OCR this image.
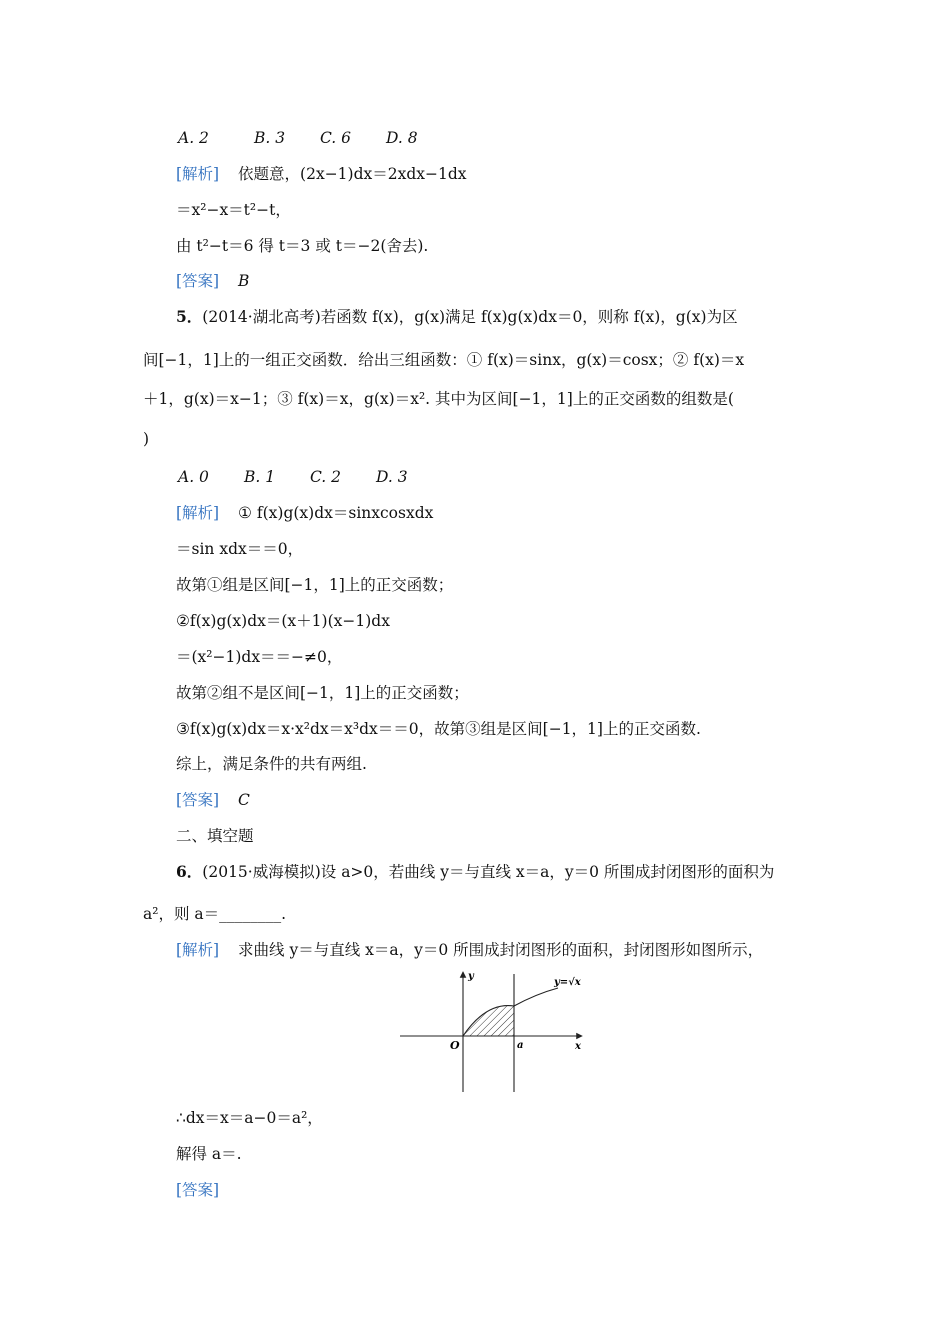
A. 2	B. 3 C. 6 D. 8
[解析] 依题意，(2x−1)dx＝2xdx−1dx
＝x²−x＝t²−t，
由 t²−t＝6 得 t＝3 或 t＝−2(舍去).
[答案] B
5．(2014·湖北高考)若函数 f(x)，g(x)满足 f(x)g(x)dx＝0，则称 f(x)，g(x)为区
间[−1，1]上的一组正交函数．给出三组函数：① f(x)＝sinx，g(x)＝cosx；② f(x)＝x
＋1，g(x)＝x−1；③ f(x)＝x，g(x)＝x². 其中为区间[−1，1]上的正交函数的组数是(
)
A. 0 B. 1 C. 2 D. 3
[解析] ① f(x)g(x)dx＝sinxcosxdx
＝sin xdx＝＝0，
故第①组是区间[−1，1]上的正交函数；
②f(x)g(x)dx＝(x＋1)(x−1)dx
＝(x²−1)dx＝＝−≠0，
故第②组不是区间[−1，1]上的正交函数；
③f(x)g(x)dx＝x·x²dx＝x³dx＝＝0，故第③组是区间[−1，1]上的正交函数.
综上，满足条件的共有两组.
[答案] C
二、填空题
6．(2015·威海模拟)设 a>0，若曲线 y＝与直线 x＝a，y＝0 所围成封闭图形的面积为
a²，则 a＝________.
[解析] 求曲线 y＝与直线 x＝a，y＝0 所围成封闭图形的面积，封闭图形如图所示，
y=√x
y
x
O	a
∴dx＝x＝a−0＝a²，
解得 a＝.
[答案]
